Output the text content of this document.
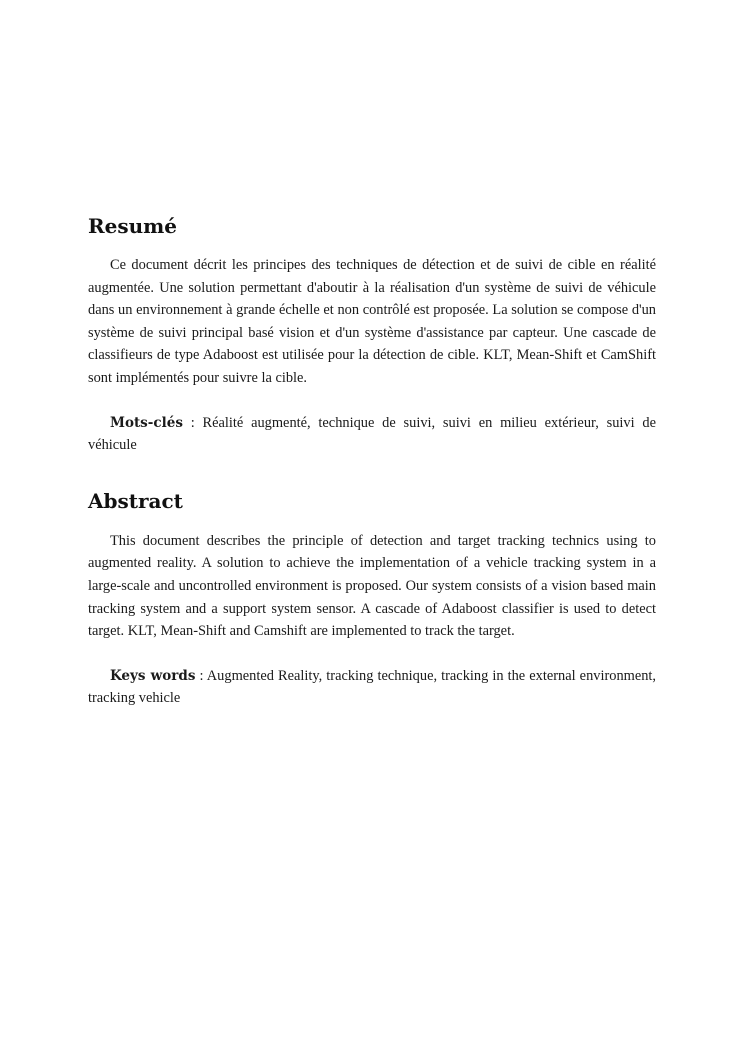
Resumé

Ce document décrit les principes des techniques de détection et de suivi de cible en réalité augmentée. Une solution permettant d'aboutir à la réalisation d'un système de suivi de véhicule dans un environnement à grande échelle et non contrôlé est proposée. La solution se compose d'un système de suivi principal basé vision et d'un système d'assistance par capteur. Une cascade de classifieurs de type Adaboost est utilisée pour la détection de cible. KLT, Mean-Shift et CamShift sont implémentés pour suivre la cible.

Mots-clés : Réalité augmenté, technique de suivi, suivi en milieu extérieur, suivi de véhicule

Abstract

This document describes the principle of detection and target tracking technics using to augmented reality. A solution to achieve the implementation of a vehicle tracking system in a large-scale and uncontrolled environment is proposed. Our system consists of a vision based main tracking system and a support system sensor. A cascade of Adaboost classifier is used to detect target. KLT, Mean-Shift and Camshift are implemented to track the target.

Keys words : Augmented Reality, tracking technique, tracking in the external environment, tracking vehicle
